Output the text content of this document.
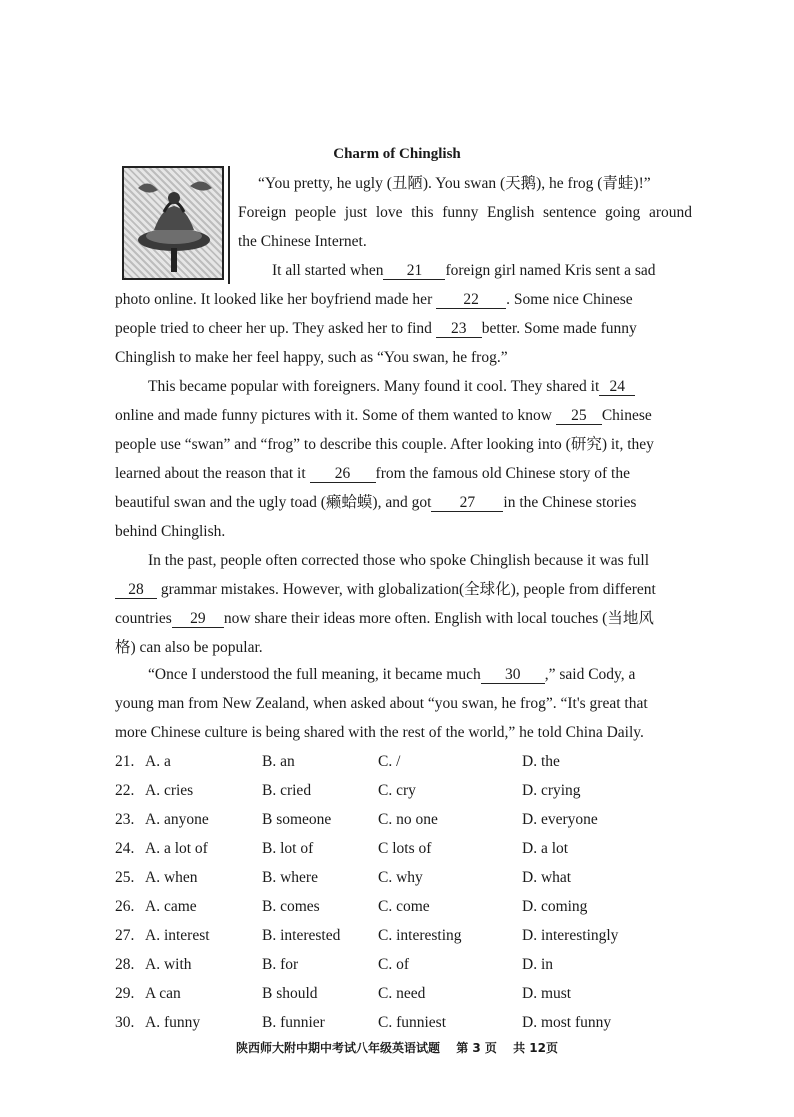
Charm of Chinglish
“You pretty, he ugly (丑陋). You swan (天鹅), he frog (青蛙)!”
Foreign people just love this funny English sentence going around
the Chinese Internet.
It all started when 21 foreign girl named Kris sent a sad
photo online. It looked like her boyfriend made her 22 . Some nice Chinese
people tried to cheer her up. They asked her to find 23 better. Some made funny
Chinglish to make her feel happy, such as “You swan, he frog.”
This became popular with foreigners. Many found it cool. They shared it 24
online and made funny pictures with it. Some of them wanted to know 25 Chinese
people use “swan” and “frog” to describe this couple. After looking into (研究) it, they
learned about the reason that it 26 from the famous old Chinese story of the
beautiful swan and the ugly toad (癞蛤蟆), and got 27 in the Chinese stories
behind Chinglish.
In the past, people often corrected those who spoke Chinglish because it was full
28 grammar mistakes. However, with globalization(全球化), people from different
countries 29 now share their ideas more often. English with local touches (当地风
格) can also be popular.
“Once I understood the full meaning, it became much 30 ,” said Cody, a
young man from New Zealand, when asked about “you swan, he frog”. “It's great that
more Chinese culture is being shared with the rest of the world,” he told China Daily.
21. A. a	B. an	C. /	D. the
22. A. cries	B. cried	C. cry	D. crying
23. A. anyone	B someone	C. no one	D. everyone
24. A. a lot of	B. lot of	C lots of	D. a lot
25. A. when	B. where	C. why	D. what
26. A. came	B. comes	C. come	D. coming
27. A. interest	B. interested C. interesting	D. interestingly
28. A. with	B. for	C. of	D. in
29. A can	B should	C. need	D. must
30. A. funny	B. funnier	C. funniest	D. most funny
陕西师大附中期中考试八年级英语试题 第 3 页 共 12页
